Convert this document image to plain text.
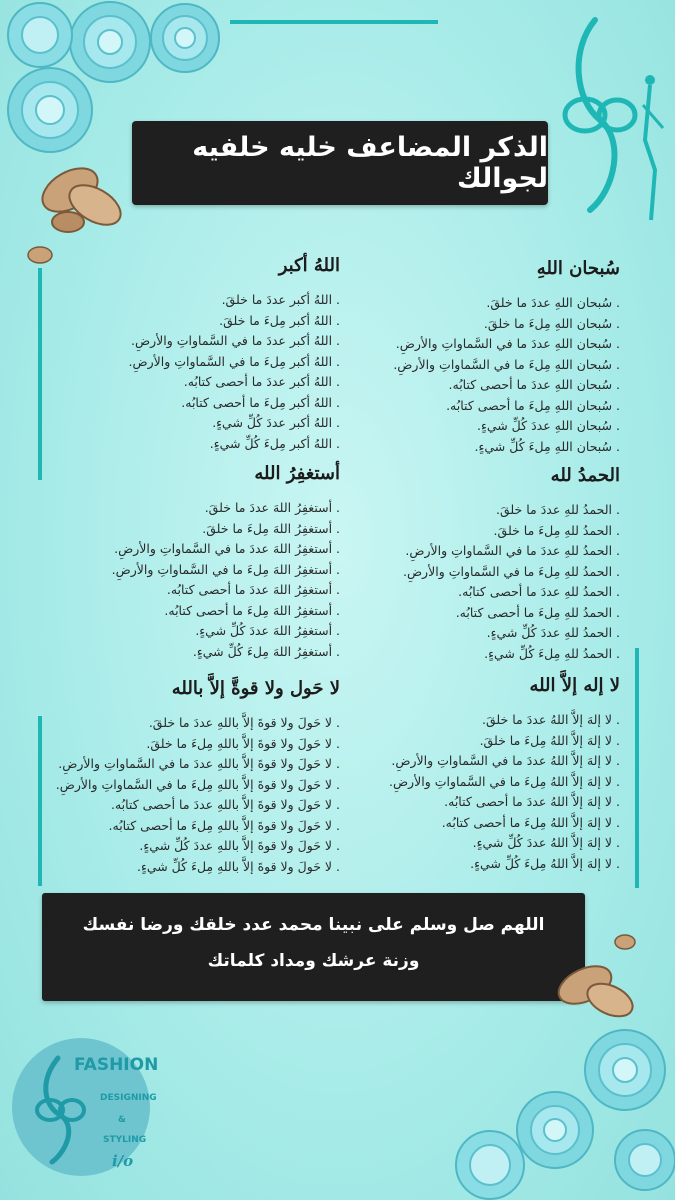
الذكر المضاعف خليه خلفيه لجوالك
سُبحان اللهِ
. سُبحان اللهِ عددَ ما خلقَ.
. سُبحان اللهِ مِلءَ ما خلقَ.
. سُبحان اللهِ عددَ ما في السَّماواتِ والأرضِ.
. سُبحان اللهِ مِلءَ ما في السَّماواتِ والأرضِ.
. سُبحان اللهِ عددَ ما أحصى كتابُه.
. سُبحان اللهِ مِلءَ ما أحصى كتابُه.
. سُبحان اللهِ عددَ كُلِّ شيءٍ.
. سُبحان اللهِ مِلءَ كُلِّ شيءٍ.
اللهُ أكبر
. اللهُ أكبر عددَ ما خلقَ.
. اللهُ أكبر مِلءَ ما خلقَ.
. اللهُ أكبر عددَ ما في السَّماواتِ والأرضِ.
. اللهُ أكبر مِلءَ ما في السَّماواتِ والأرضِ.
. اللهُ أكبر عددَ ما أحصى كتابُه.
. اللهُ أكبر مِلءَ ما أحصى كتابُه.
. اللهُ أكبر عددَ كُلِّ شيءٍ.
. اللهُ أكبر مِلءَ كُلِّ شيءٍ.
الحمدُ لله
. الحمدُ للهِ عددَ ما خلقَ.
. الحمدُ للهِ مِلءَ ما خلقَ.
. الحمدُ للهِ عددَ ما في السَّماواتِ والأرضِ.
. الحمدُ للهِ مِلءَ ما في السَّماواتِ والأرضِ.
. الحمدُ للهِ عددَ ما أحصى كتابُه.
. الحمدُ للهِ مِلءَ ما أحصى كتابُه.
. الحمدُ للهِ عددَ كُلِّ شيءٍ.
. الحمدُ للهِ مِلءَ كُلِّ شيءٍ.
أستغفِرُ الله
. أستغفِرُ اللهَ عددَ ما خلقَ.
. أستغفِرُ اللهَ مِلءَ ما خلقَ.
. أستغفِرُ اللهَ عددَ ما في السَّماواتِ والأرضِ.
. أستغفِرُ اللهَ مِلءَ ما في السَّماواتِ والأرضِ.
. أستغفِرُ اللهَ عددَ ما أحصى كتابُه.
. أستغفِرُ اللهَ مِلءَ ما أحصى كتابُه.
. أستغفِرُ اللهَ عددَ كُلِّ شيءٍ.
. أستغفِرُ اللهَ مِلءَ كُلِّ شيءٍ.
لا إله إلاَّ الله
. لا إلهَ إلاَّ اللهُ عددَ ما خلقَ.
. لا إلهَ إلاَّ اللهُ مِلءَ ما خلقَ.
. لا إلهَ إلاَّ اللهُ عددَ ما في السَّماواتِ والأرضِ.
. لا إلهَ إلاَّ اللهُ مِلءَ ما في السَّماواتِ والأرضِ.
. لا إلهَ إلاَّ اللهُ عددَ ما أحصى كتابُه.
. لا إلهَ إلاَّ اللهُ مِلءَ ما أحصى كتابُه.
. لا إلهَ إلاَّ اللهُ عددَ كُلِّ شيءٍ.
. لا إلهَ إلاَّ اللهُ مِلءَ كُلِّ شيءٍ.
لا حَول ولا قوةَّ إلاَّ بالله
. لا حَولَ ولا قوةَ إلاَّ باللهِ عددَ ما خلقَ.
. لا حَولَ ولا قوةَ إلاَّ باللهِ مِلءَ ما خلقَ.
. لا حَولَ ولا قوةَ إلاَّ باللهِ عددَ ما في السَّماواتِ والأرضِ.
. لا حَولَ ولا قوةَ إلاَّ باللهِ مِلءَ ما في السَّماواتِ والأرضِ.
. لا حَولَ ولا قوةَ إلاَّ باللهِ عددَ ما أحصى كتابُه.
. لا حَولَ ولا قوةَ إلاَّ باللهِ مِلءَ ما أحصى كتابُه.
. لا حَولَ ولا قوةَ إلاَّ باللهِ عددَ كُلِّ شيءٍ.
. لا حَولَ ولا قوةَ إلاَّ باللهِ مِلءَ كُلِّ شيءٍ.
اللهم صل وسلم على نبينا محمد عدد خلقك ورضا نفسك وزنة عرشك ومداد كلماتك
FASHION
DESIGNING
&
STYLING
i/o
